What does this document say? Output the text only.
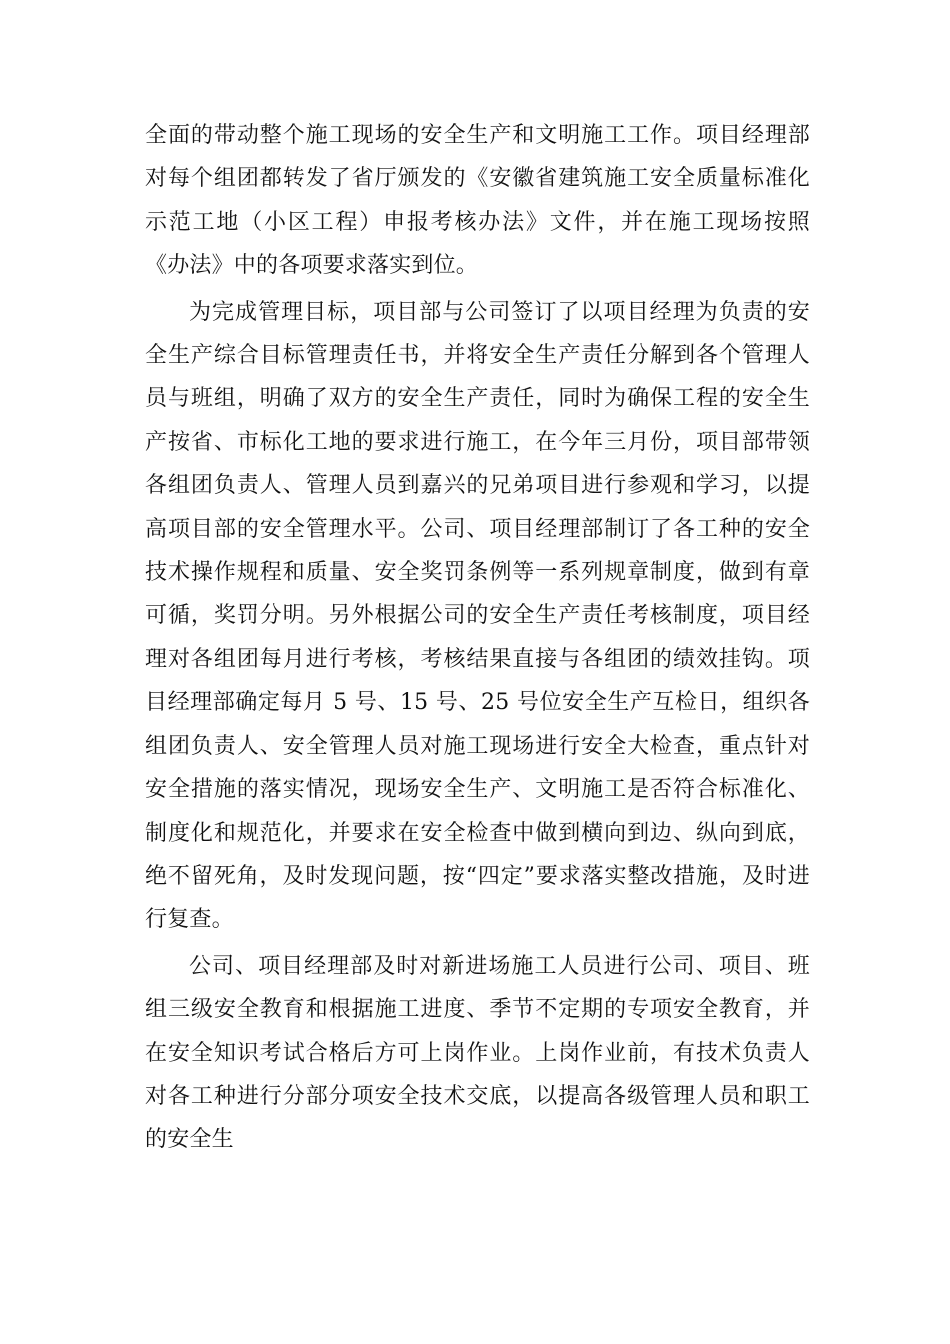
全面的带动整个施工现场的安全生产和文明施工工作。项目经理部对每个组团都转发了省厅颁发的《安徽省建筑施工安全质量标准化示范工地（小区工程）申报考核办法》文件，并在施工现场按照《办法》中的各项要求落实到位。

为完成管理目标，项目部与公司签订了以项目经理为负责的安全生产综合目标管理责任书，并将安全生产责任分解到各个管理人员与班组，明确了双方的安全生产责任，同时为确保工程的安全生产按省、市标化工地的要求进行施工，在今年三月份，项目部带领各组团负责人、管理人员到嘉兴的兄弟项目进行参观和学习，以提高项目部的安全管理水平。公司、项目经理部制订了各工种的安全技术操作规程和质量、安全奖罚条例等一系列规章制度，做到有章可循，奖罚分明。另外根据公司的安全生产责任考核制度，项目经理对各组团每月进行考核，考核结果直接与各组团的绩效挂钩。项目经理部确定每月 5 号、15 号、25 号位安全生产互检日，组织各组团负责人、安全管理人员对施工现场进行安全大检查，重点针对安全措施的落实情况，现场安全生产、文明施工是否符合标准化、制度化和规范化，并要求在安全检查中做到横向到边、纵向到底，绝不留死角，及时发现问题，按“四定”要求落实整改措施，及时进行复查。

公司、项目经理部及时对新进场施工人员进行公司、项目、班组三级安全教育和根据施工进度、季节不定期的专项安全教育，并在安全知识考试合格后方可上岗作业。上岗作业前，有技术负责人对各工种进行分部分项安全技术交底，以提高各级管理人员和职工的安全生
